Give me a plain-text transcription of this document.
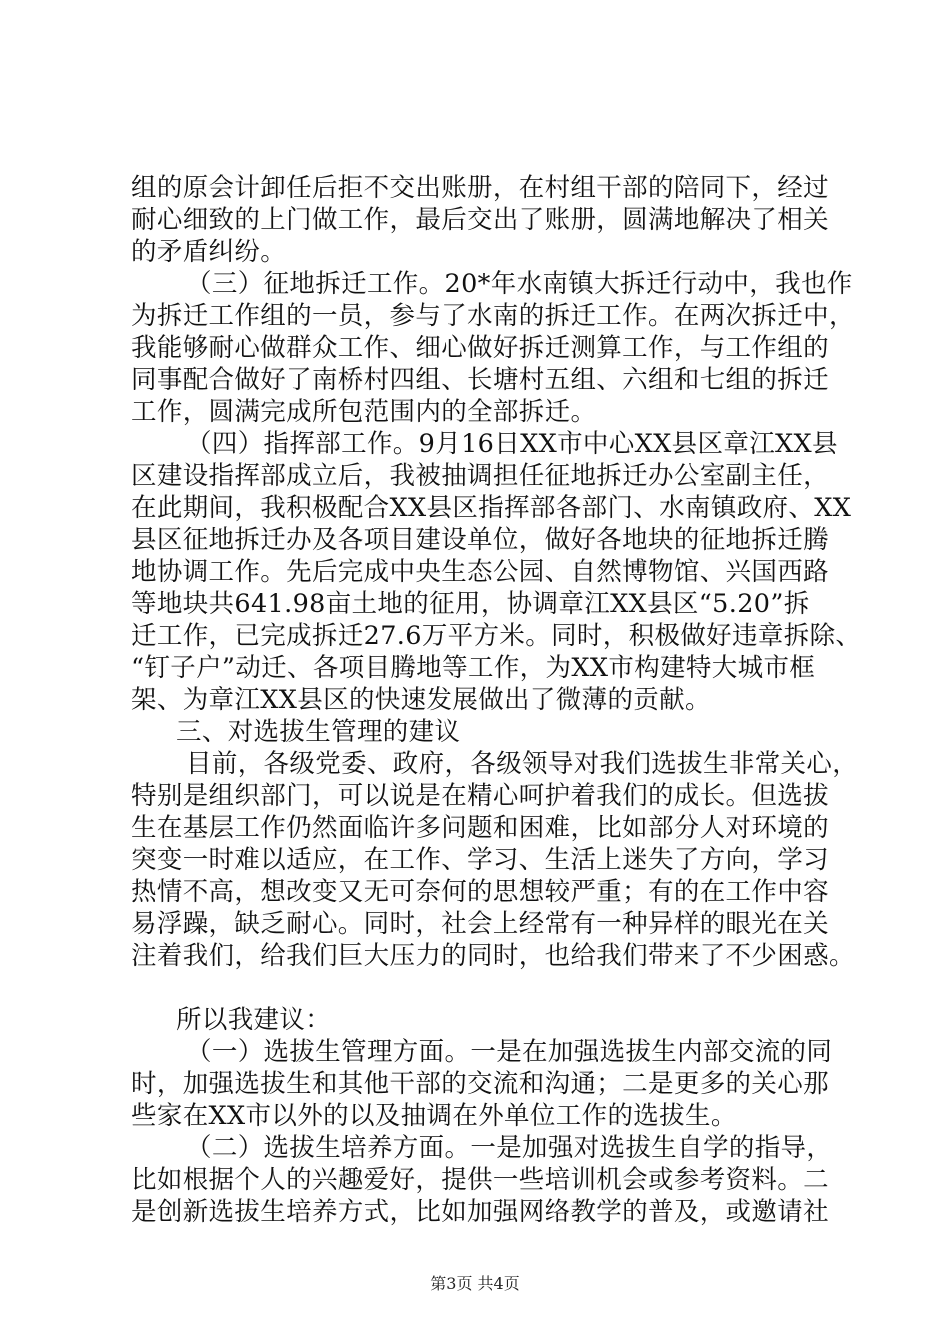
组的原会计卸任后拒不交出账册，在村组干部的陪同下，经过
耐心细致的上门做工作，最后交出了账册，圆满地解决了相关
的矛盾纠纷。
（三）征地拆迁工作。20*年水南镇大拆迁行动中，我也作
为拆迁工作组的一员，参与了水南的拆迁工作。在两次拆迁中，
我能够耐心做群众工作、细心做好拆迁测算工作，与工作组的
同事配合做好了南桥村四组、长塘村五组、六组和七组的拆迁
工作，圆满完成所包范围内的全部拆迁。
（四）指挥部工作。9月16日XX市中心XX县区章江XX县
区建设指挥部成立后，我被抽调担任征地拆迁办公室副主任，
在此期间，我积极配合XX县区指挥部各部门、水南镇政府、XX
县区征地拆迁办及各项目建设单位，做好各地块的征地拆迁腾
地协调工作。先后完成中央生态公园、自然博物馆、兴国西路
等地块共641.98亩土地的征用，协调章江XX县区“5.20”拆
迁工作，已完成拆迁27.6万平方米。同时，积极做好违章拆除、
“钉子户”动迁、各项目腾地等工作，为XX市构建特大城市框
架、为章江XX县区的快速发展做出了微薄的贡献。
三、对选拔生管理的建议
目前，各级党委、政府，各级领导对我们选拔生非常关心，
特别是组织部门，可以说是在精心呵护着我们的成长。但选拔
生在基层工作仍然面临许多问题和困难，比如部分人对环境的
突变一时难以适应，在工作、学习、生活上迷失了方向，学习
热情不高，想改变又无可奈何的思想较严重；有的在工作中容
易浮躁，缺乏耐心。同时，社会上经常有一种异样的眼光在关
注着我们，给我们巨大压力的同时，也给我们带来了不少困惑。
所以我建议：
（一）选拔生管理方面。一是在加强选拔生内部交流的同
时，加强选拔生和其他干部的交流和沟通；二是更多的关心那
些家在XX市以外的以及抽调在外单位工作的选拔生。
（二）选拔生培养方面。一是加强对选拔生自学的指导，
比如根据个人的兴趣爱好，提供一些培训机会或参考资料。二
是创新选拔生培养方式，比如加强网络教学的普及，或邀请社
第3页 共4页
